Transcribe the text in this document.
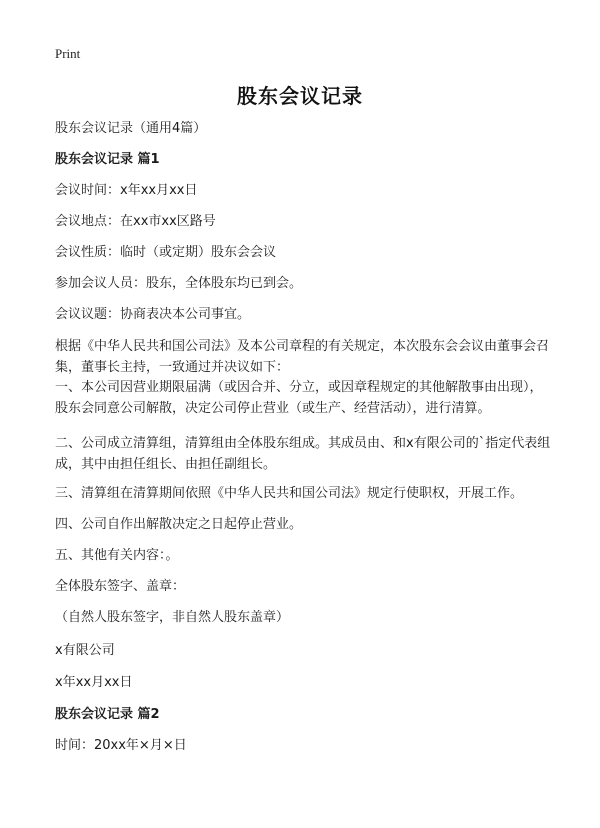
Print
股东会议记录
股东会议记录（通用4篇）
股东会议记录 篇1
会议时间：x年xx月xx日
会议地点：在xx市xx区路号
会议性质：临时（或定期）股东会会议
参加会议人员：股东，全体股东均已到会。
会议议题：协商表决本公司事宜。
根据《中华人民共和国公司法》及本公司章程的有关规定，本次股东会会议由董事会召集，董事长主持，一致通过并决议如下：
一、本公司因营业期限届满（或因合并、分立，或因章程规定的其他解散事由出现），股东会同意公司解散，决定公司停止营业（或生产、经营活动），进行清算。
二、公司成立清算组，清算组由全体股东组成。其成员由、和x有限公司的`指定代表组成，其中由担任组长、由担任副组长。
三、清算组在清算期间依照《中华人民共和国公司法》规定行使职权，开展工作。
四、公司自作出解散决定之日起停止营业。
五、其他有关内容：。
全体股东签字、盖章：
（自然人股东签字，非自然人股东盖章）
x有限公司
x年xx月xx日
股东会议记录 篇2
时间：20xx年×月×日
